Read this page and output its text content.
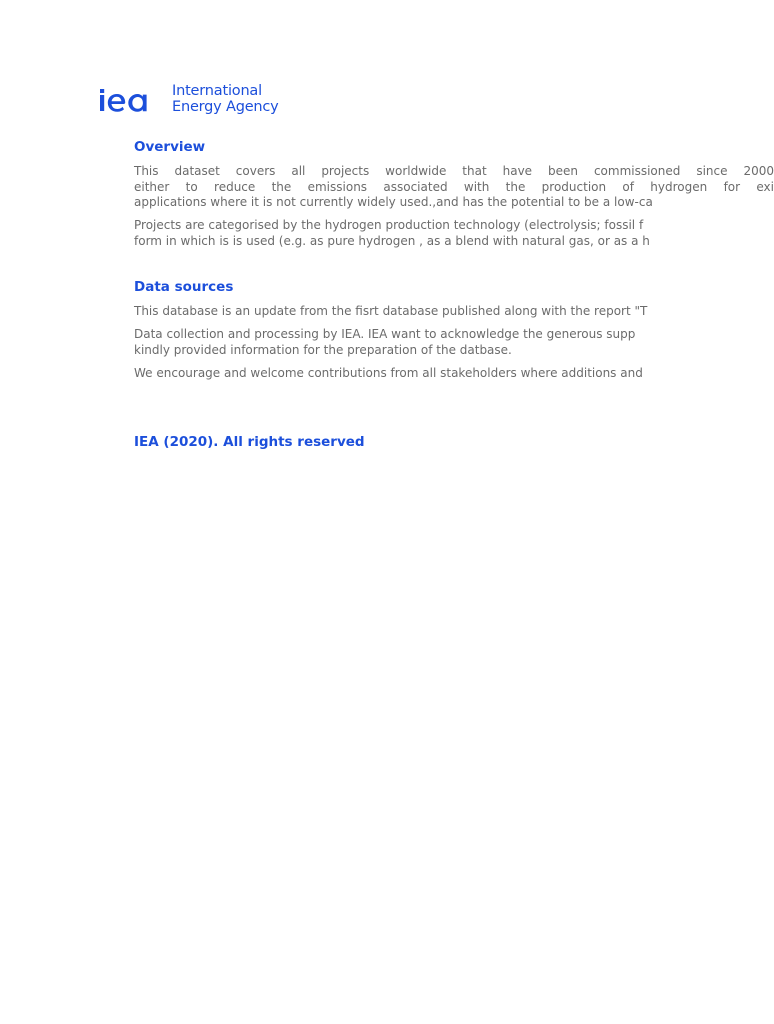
International
Energy Agency
Overview
This dataset covers all projects worldwide that have been commissioned since 2000
either to reduce the emissions associated with the production of hydrogen for exi
applications where it is not currently widely used.,and has the potential to be a low-ca
Projects are categorised by the hydrogen production technology (electrolysis; fossil f
form in which is is used (e.g. as pure hydrogen , as a blend with natural gas, or as a h
Data sources
This database is an update from the fisrt database published along with the report "T
Data collection and processing by IEA. IEA want to acknowledge the generous supp
kindly provided information for the preparation of the datbase.
We encourage and welcome contributions from all stakeholders where additions and
IEA (2020). All rights reserved
